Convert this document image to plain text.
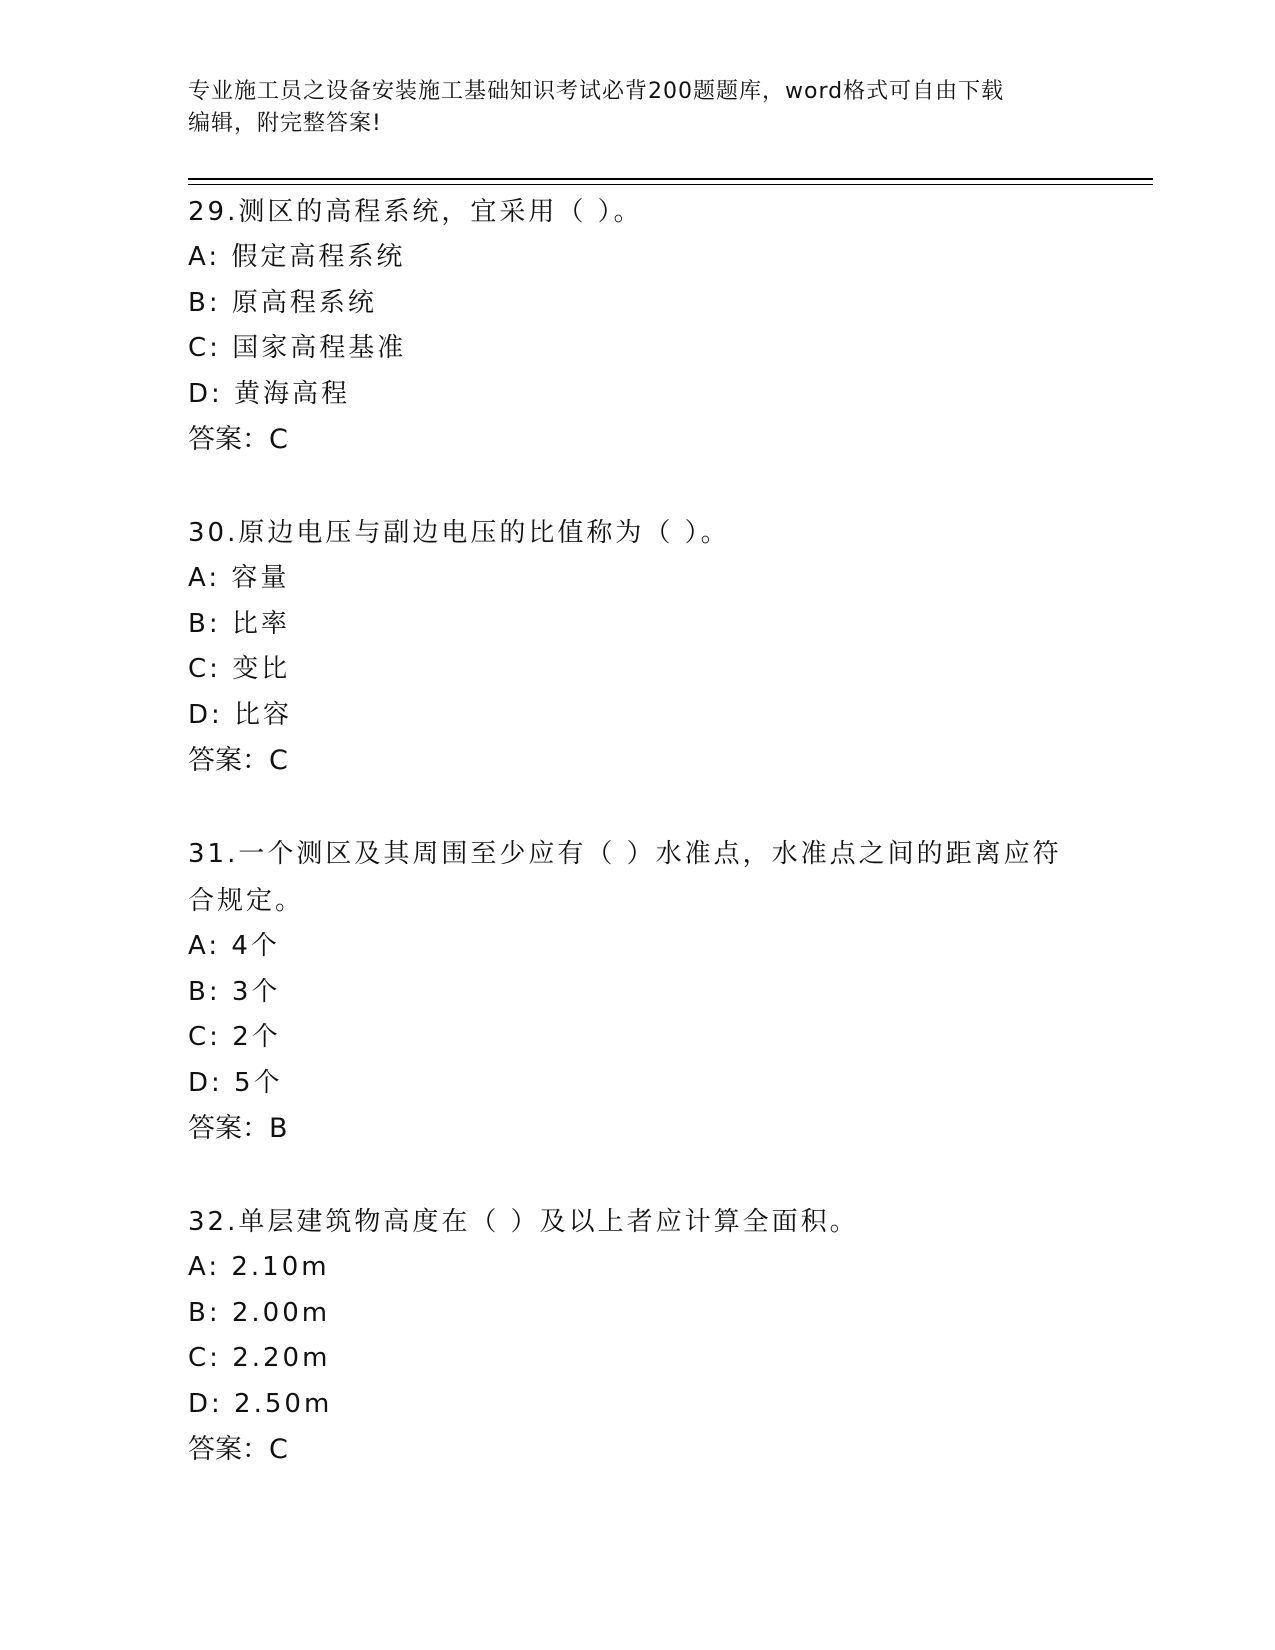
专业施工员之设备安装施工基础知识考试必背200题题库，word格式可自由下载
编辑，附完整答案!
29.测区的高程系统，宜采用（ ）。
A: 假定高程系统
B: 原高程系统
C: 国家高程基准
D: 黄海高程
答案：C
30.原边电压与副边电压的比值称为（ ）。
A: 容量
B: 比率
C: 变比
D: 比容
答案：C
31.一个测区及其周围至少应有（ ）水准点，水准点之间的距离应符
合规定。
A: 4个
B: 3个
C: 2个
D: 5个
答案：B
32.单层建筑物高度在（ ）及以上者应计算全面积。
A: 2.10m
B: 2.00m
C: 2.20m
D: 2.50m
答案：C
